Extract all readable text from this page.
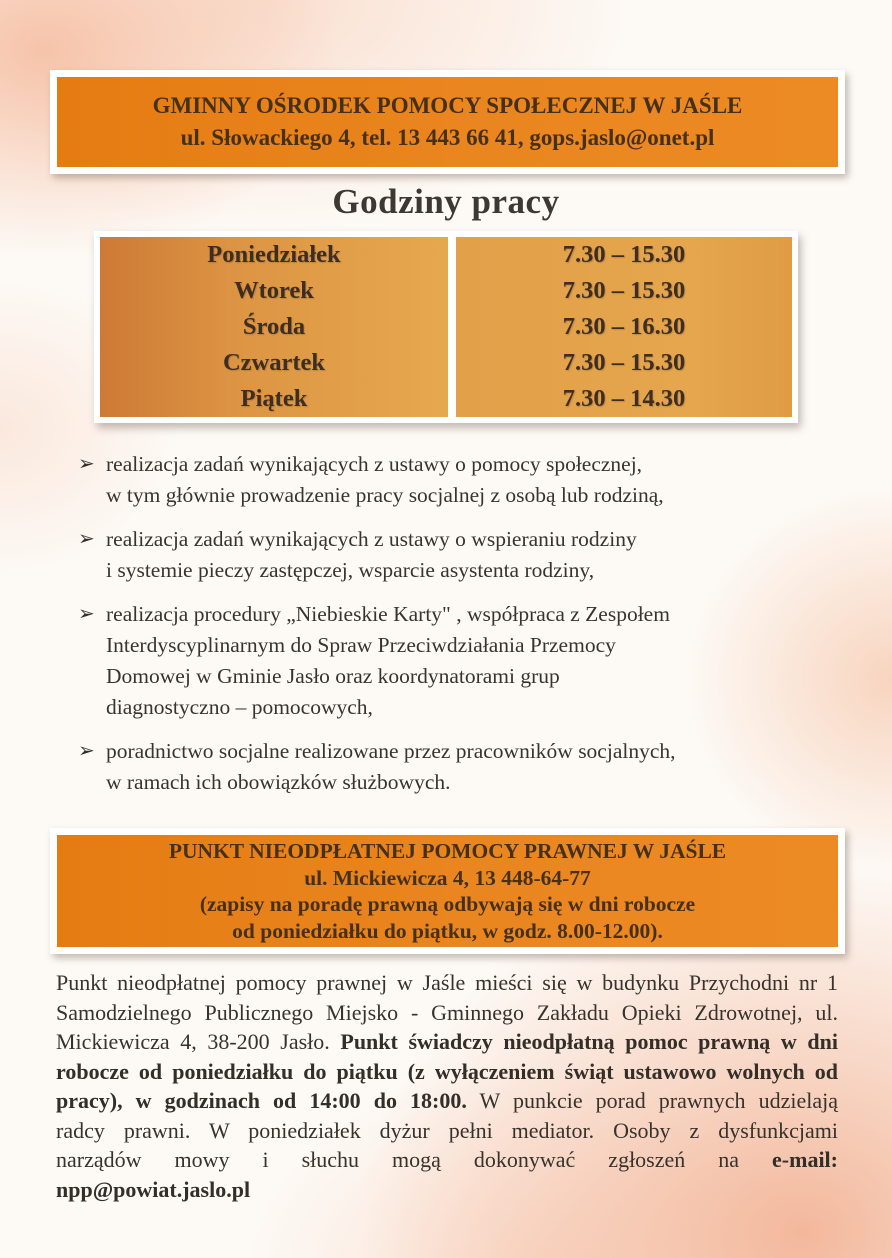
GMINNY OŚRODEK POMOCY SPOŁECZNEJ W JAŚLE
ul. Słowackiego 4, tel. 13 443 66 41, gops.jaslo@onet.pl
Godziny pracy
Poniedziałek
Wtorek
Środa
Czwartek
Piątek
7.30 – 15.30
7.30 – 15.30
7.30 – 16.30
7.30 – 15.30
7.30 – 14.30
➢ realizacja zadań wynikających z ustawy o pomocy społecznej,
w tym głównie prowadzenie pracy socjalnej z osobą lub rodziną,
➢ realizacja zadań wynikających z ustawy o wspieraniu rodziny
i systemie pieczy zastępczej, wsparcie asystenta rodziny,
➢ realizacja procedury „Niebieskie Karty" , współpraca z Zespołem
Interdyscyplinarnym do Spraw Przeciwdziałania Przemocy
Domowej w Gminie Jasło oraz koordynatorami grup
diagnostyczno – pomocowych,
➢ poradnictwo socjalne realizowane przez pracowników socjalnych,
w ramach ich obowiązków służbowych.
PUNKT NIEODPŁATNEJ POMOCY PRAWNEJ W JAŚLE
ul. Mickiewicza 4, 13 448-64-77
(zapisy na poradę prawną odbywają się w dni robocze
od poniedziałku do piątku, w godz. 8.00-12.00).

Punkt nieodpłatnej pomocy prawnej w Jaśle mieści się w budynku Przychodni nr 1 Samodzielnego Publicznego Miejsko - Gminnego Zakładu Opieki Zdrowotnej, ul. Mickiewicza 4, 38-200 Jasło. Punkt świadczy nieodpłatną pomoc prawną w dni robocze od poniedziałku do piątku (z wyłączeniem świąt ustawowo wolnych od pracy), w godzinach od 14:00 do 18:00. W punkcie porad prawnych udzielają radcy prawni. W poniedziałek dyżur pełni mediator. Osoby z dysfunkcjami narządów mowy i słuchu mogą dokonywać zgłoszeń na e-mail: npp@powiat.jaslo.pl
